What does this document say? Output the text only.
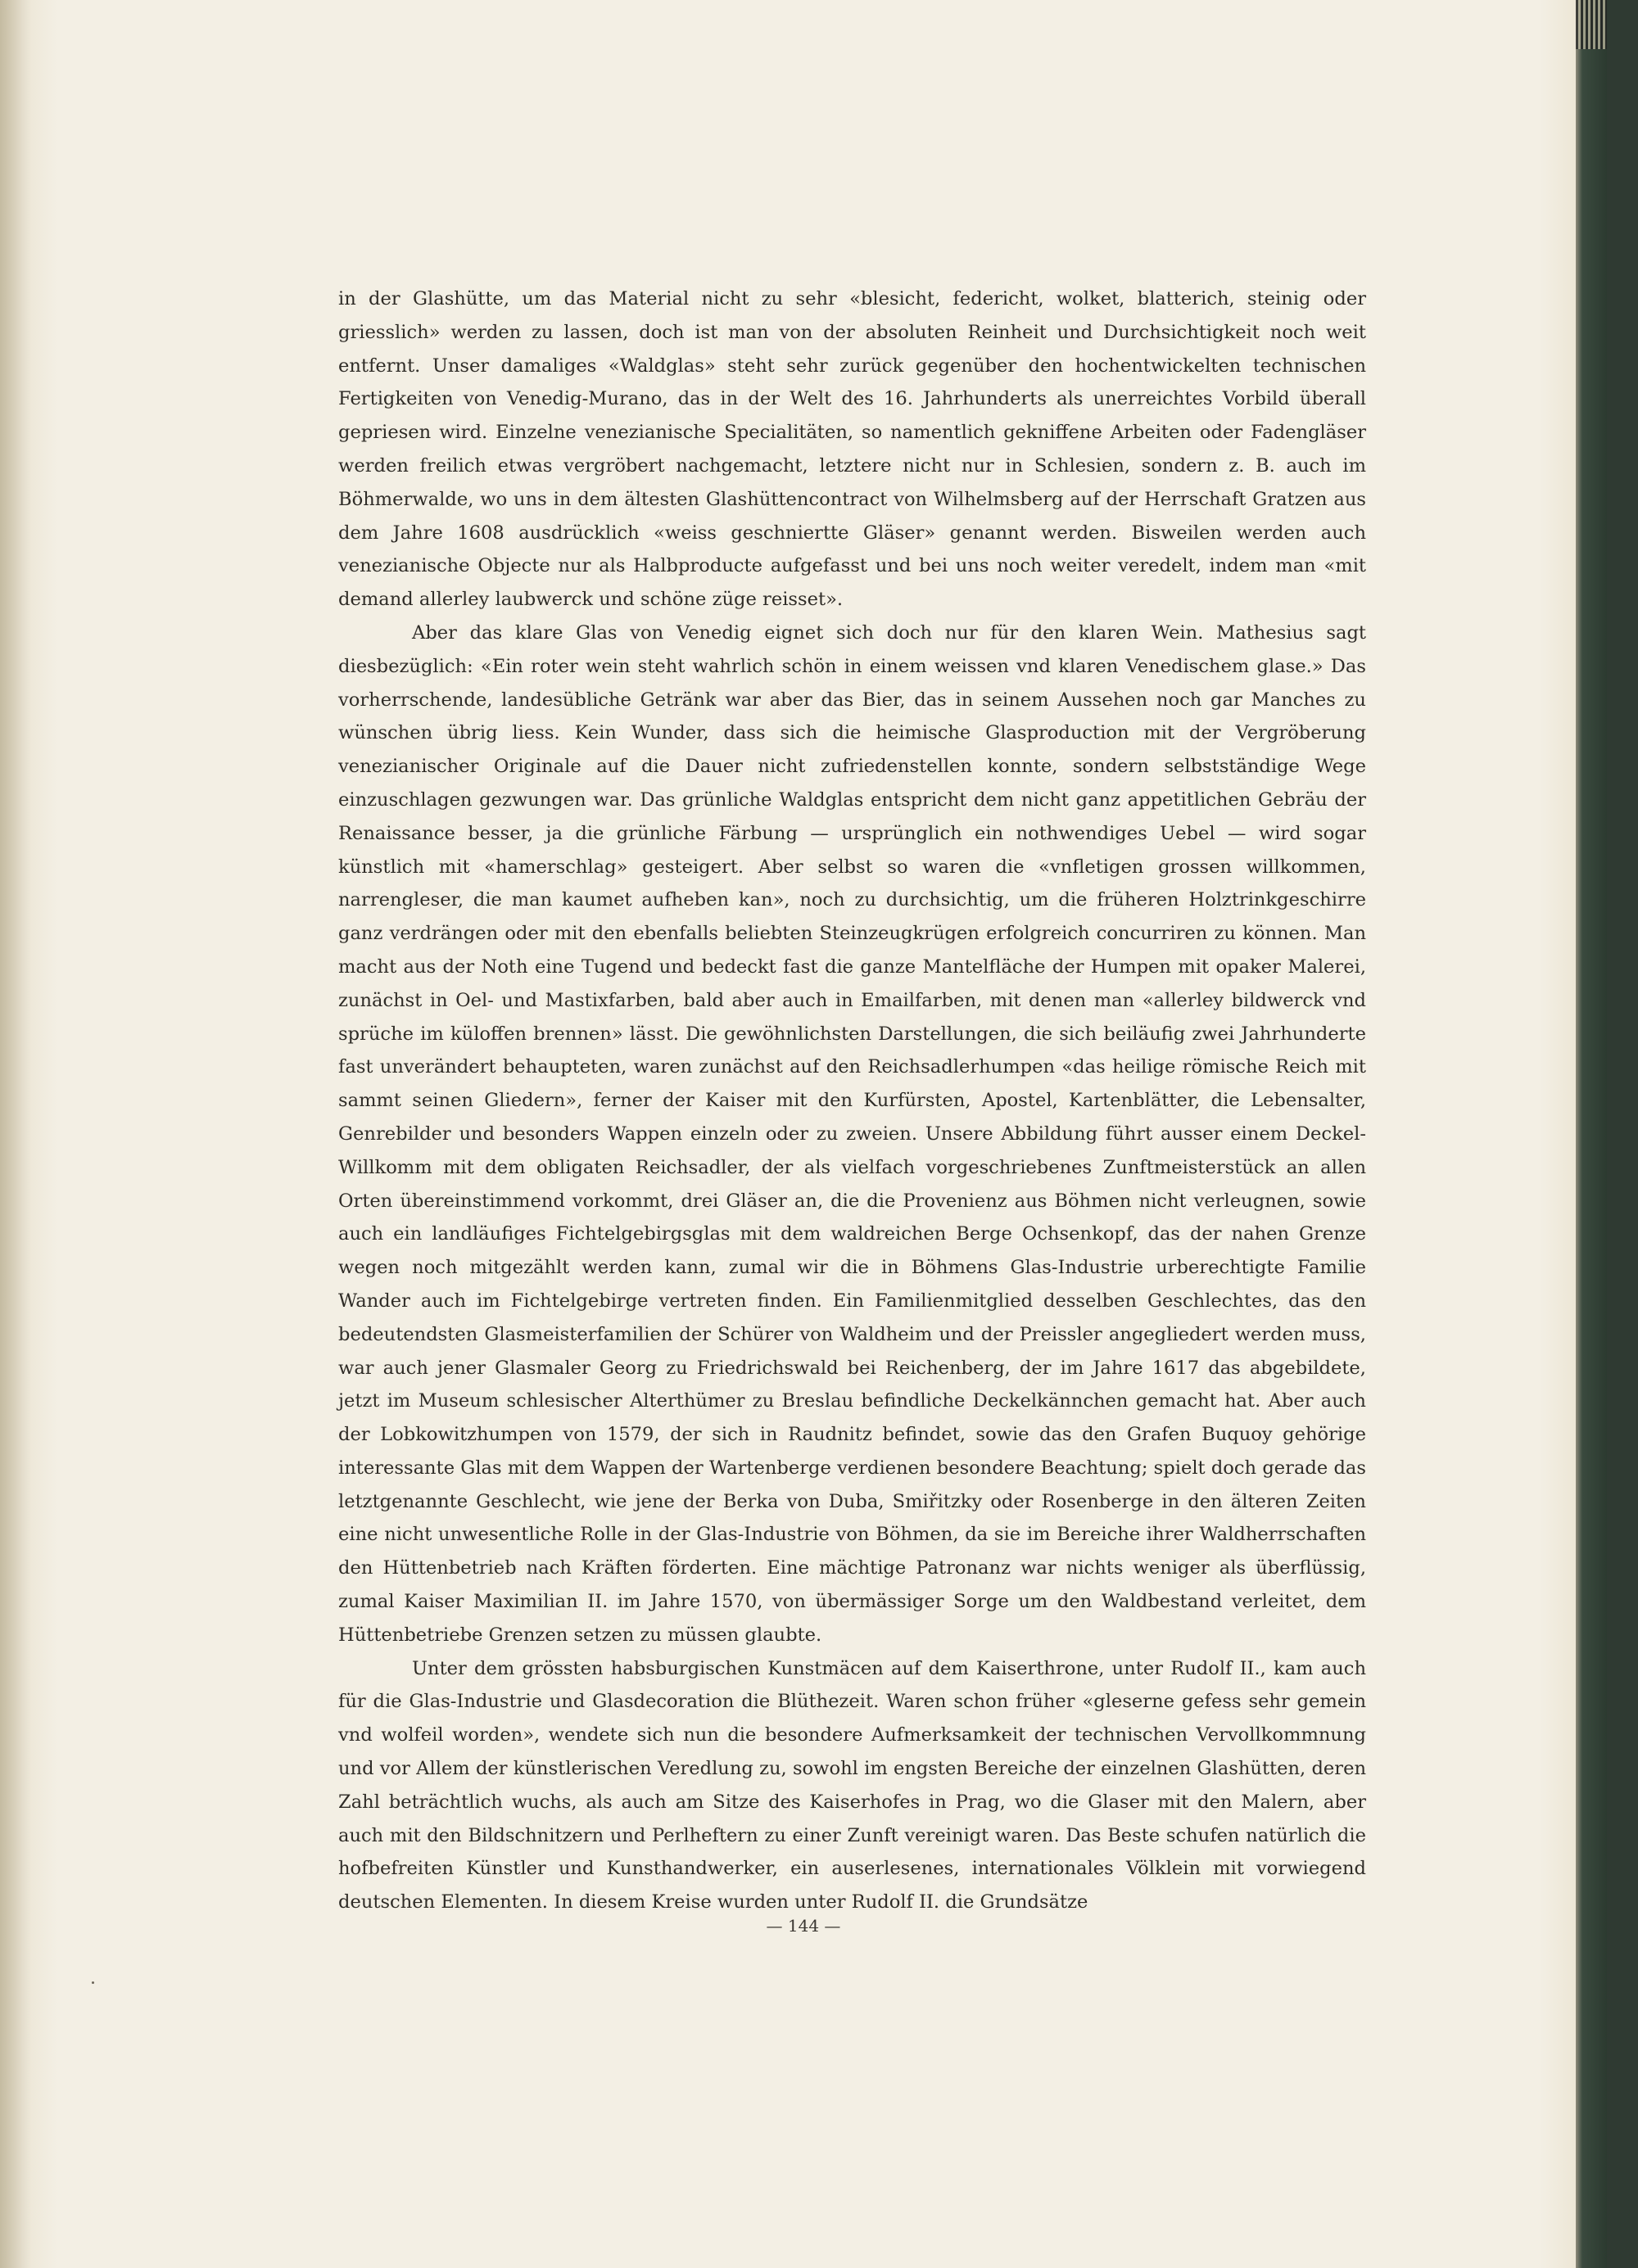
in der Glashütte, um das Material nicht zu sehr «blesicht, federicht, wolket, blatterich, steinig oder griesslich» werden zu lassen, doch ist man von der absoluten Reinheit und Durchsichtigkeit noch weit entfernt. Unser damaliges «Waldglas» steht sehr zurück gegenüber den hochentwickelten technischen Fertigkeiten von Venedig-Murano, das in der Welt des 16. Jahrhunderts als unerreichtes Vorbild überall gepriesen wird. Einzelne venezianische Specialitäten, so namentlich gekniffene Arbeiten oder Fadengläser werden freilich etwas vergröbert nachgemacht, letztere nicht nur in Schlesien, sondern z. B. auch im Böhmerwalde, wo uns in dem ältesten Glashüttencontract von Wilhelmsberg auf der Herrschaft Gratzen aus dem Jahre 1608 ausdrücklich «weiss geschniertte Gläser» genannt werden. Bisweilen werden auch venezianische Objecte nur als Halbproducte aufgefasst und bei uns noch weiter veredelt, indem man «mit demand allerley laubwerck und schöne züge reisset».

Aber das klare Glas von Venedig eignet sich doch nur für den klaren Wein. Mathesius sagt diesbezüglich: «Ein roter wein steht wahrlich schön in einem weissen vnd klaren Venedischem glase.» Das vorherrschende, landesübliche Getränk war aber das Bier, das in seinem Aussehen noch gar Manches zu wünschen übrig liess. Kein Wunder, dass sich die heimische Glasproduction mit der Vergröberung venezianischer Originale auf die Dauer nicht zufriedenstellen konnte, sondern selbstständige Wege einzuschlagen gezwungen war. Das grünliche Waldglas entspricht dem nicht ganz appetitlichen Gebräu der Renaissance besser, ja die grünliche Färbung — ursprünglich ein nothwendiges Uebel — wird sogar künstlich mit «hamerschlag» gesteigert. Aber selbst so waren die «vnfletigen grossen willkommen, narrengleser, die man kaumet aufheben kan», noch zu durchsichtig, um die früheren Holztrinkgeschirre ganz verdrängen oder mit den ebenfalls beliebten Steinzeugkrügen erfolgreich concurriren zu können. Man macht aus der Noth eine Tugend und bedeckt fast die ganze Mantelfläche der Humpen mit opaker Malerei, zunächst in Oel- und Mastixfarben, bald aber auch in Emailfarben, mit denen man «allerley bildwerck vnd sprüche im küloffen brennen» lässt. Die gewöhnlichsten Darstellungen, die sich beiläufig zwei Jahrhunderte fast unverändert behaupteten, waren zunächst auf den Reichsadlerhumpen «das heilige römische Reich mit sammt seinen Gliedern», ferner der Kaiser mit den Kurfürsten, Apostel, Kartenblätter, die Lebensalter, Genrebilder und besonders Wappen einzeln oder zu zweien. Unsere Abbildung führt ausser einem Deckel-Willkomm mit dem obligaten Reichsadler, der als vielfach vorgeschriebenes Zunftmeisterstück an allen Orten übereinstimmend vorkommt, drei Gläser an, die die Provenienz aus Böhmen nicht verleugnen, sowie auch ein landläufiges Fichtelgebirgsglas mit dem waldreichen Berge Ochsenkopf, das der nahen Grenze wegen noch mitgezählt werden kann, zumal wir die in Böhmens Glas-Industrie urberechtigte Familie Wander auch im Fichtelgebirge vertreten finden. Ein Familienmitglied desselben Geschlechtes, das den bedeutendsten Glasmeisterfamilien der Schürer von Waldheim und der Preissler angegliedert werden muss, war auch jener Glasmaler Georg zu Friedrichswald bei Reichenberg, der im Jahre 1617 das abgebildete, jetzt im Museum schlesischer Alterthümer zu Breslau befindliche Deckelkännchen gemacht hat. Aber auch der Lobkowitzhumpen von 1579, der sich in Raudnitz befindet, sowie das den Grafen Buquoy gehörige interessante Glas mit dem Wappen der Wartenberge verdienen besondere Beachtung; spielt doch gerade das letztgenannte Geschlecht, wie jene der Berka von Duba, Smiřitzky oder Rosenberge in den älteren Zeiten eine nicht unwesentliche Rolle in der Glas-Industrie von Böhmen, da sie im Bereiche ihrer Waldherrschaften den Hüttenbetrieb nach Kräften förderten. Eine mächtige Patronanz war nichts weniger als überflüssig, zumal Kaiser Maximilian II. im Jahre 1570, von übermässiger Sorge um den Waldbestand verleitet, dem Hüttenbetriebe Grenzen setzen zu müssen glaubte.

Unter dem grössten habsburgischen Kunstmäcen auf dem Kaiserthrone, unter Rudolf II., kam auch für die Glas-Industrie und Glasdecoration die Blüthezeit. Waren schon früher «gleserne gefess sehr gemein vnd wolfeil worden», wendete sich nun die besondere Aufmerksamkeit der technischen Vervollkommnung und vor Allem der künstlerischen Veredlung zu, sowohl im engsten Bereiche der einzelnen Glashütten, deren Zahl beträchtlich wuchs, als auch am Sitze des Kaiserhofes in Prag, wo die Glaser mit den Malern, aber auch mit den Bildschnitzern und Perlheftern zu einer Zunft vereinigt waren. Das Beste schufen natürlich die hofbefreiten Künstler und Kunsthandwerker, ein auserlesenes, internationales Völklein mit vorwiegend deutschen Elementen. In diesem Kreise wurden unter Rudolf II. die Grundsätze

— 144 —
